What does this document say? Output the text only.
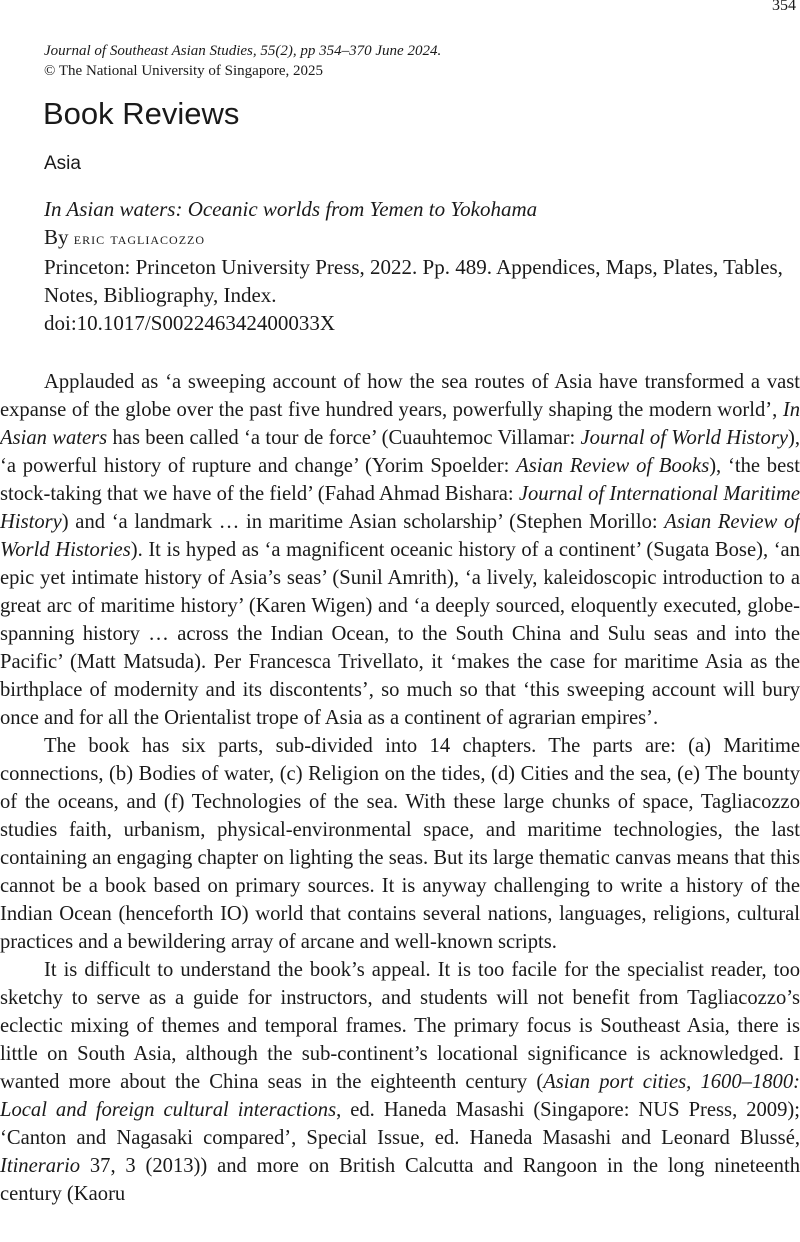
354
Journal of Southeast Asian Studies, 55(2), pp 354–370 June 2024.
© The National University of Singapore, 2025
Book Reviews
Asia
In Asian waters: Oceanic worlds from Yemen to Yokohama
By eric tagliacozzo
Princeton: Princeton University Press, 2022. Pp. 489. Appendices, Maps, Plates, Tables, Notes, Bibliography, Index.
doi:10.1017/S002246342400033X

Applauded as ‘a sweeping account of how the sea routes of Asia have transformed a vast expanse of the globe over the past five hundred years, powerfully shaping the modern world’, In Asian waters has been called ‘a tour de force’ (Cuauhtemoc Villamar: Journal of World History), ‘a powerful history of rupture and change’ (Yorim Spoelder: Asian Review of Books), ‘the best stock-taking that we have of the field’ (Fahad Ahmad Bishara: Journal of International Maritime History) and ‘a landmark … in maritime Asian scholarship’ (Stephen Morillo: Asian Review of World Histories). It is hyped as ‘a magnificent oceanic history of a continent’ (Sugata Bose), ‘an epic yet intimate history of Asia’s seas’ (Sunil Amrith), ‘a lively, kaleidoscopic introduction to a great arc of maritime history’ (Karen Wigen) and ‘a deeply sourced, eloquently executed, globe-spanning history … across the Indian Ocean, to the South China and Sulu seas and into the Pacific’ (Matt Matsuda). Per Francesca Trivellato, it ‘makes the case for maritime Asia as the birthplace of modernity and its discontents’, so much so that ‘this sweeping account will bury once and for all the Orientalist trope of Asia as a continent of agrarian empires’.

The book has six parts, sub-divided into 14 chapters. The parts are: (a) Maritime connections, (b) Bodies of water, (c) Religion on the tides, (d) Cities and the sea, (e) The bounty of the oceans, and (f) Technologies of the sea. With these large chunks of space, Tagliacozzo studies faith, urbanism, physical-environmental space, and maritime technologies, the last containing an engaging chapter on lighting the seas. But its large thematic canvas means that this cannot be a book based on primary sources. It is anyway challenging to write a history of the Indian Ocean (henceforth IO) world that contains several nations, languages, religions, cultural practices and a bewildering array of arcane and well-known scripts.

It is difficult to understand the book’s appeal. It is too facile for the specialist reader, too sketchy to serve as a guide for instructors, and students will not benefit from Tagliacozzo’s eclectic mixing of themes and temporal frames. The primary focus is Southeast Asia, there is little on South Asia, although the sub-continent’s locational significance is acknowledged. I wanted more about the China seas in the eighteenth century (Asian port cities, 1600–1800: Local and foreign cultural interactions, ed. Haneda Masashi (Singapore: NUS Press, 2009); ‘Canton and Nagasaki compared’, Special Issue, ed. Haneda Masashi and Leonard Blussé, Itinerario 37, 3 (2013)) and more on British Calcutta and Rangoon in the long nineteenth century (Kaoru
